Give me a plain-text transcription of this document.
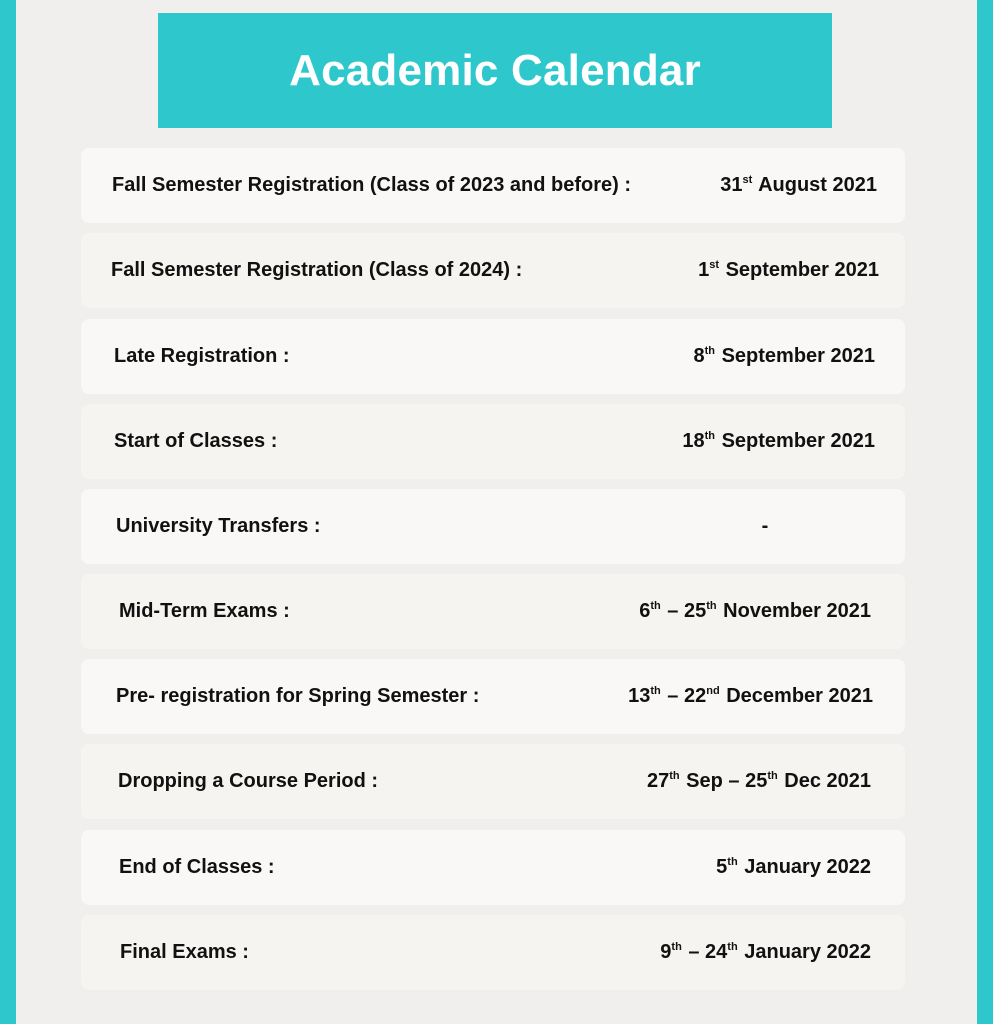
Academic Calendar
Fall Semester Registration (Class of 2023 and before) :	31st August 2021
Fall Semester Registration (Class of 2024) :	1st September 2021
Late Registration :	8th September 2021
Start of Classes :	18th September 2021
University Transfers :	-
Mid-Term Exams :	6th – 25th November 2021
Pre- registration for Spring Semester :	13th – 22nd December 2021
Dropping a Course Period :	27th Sep – 25th Dec 2021
End of Classes :	5th January 2022
Final Exams :	9th – 24th January 2022
